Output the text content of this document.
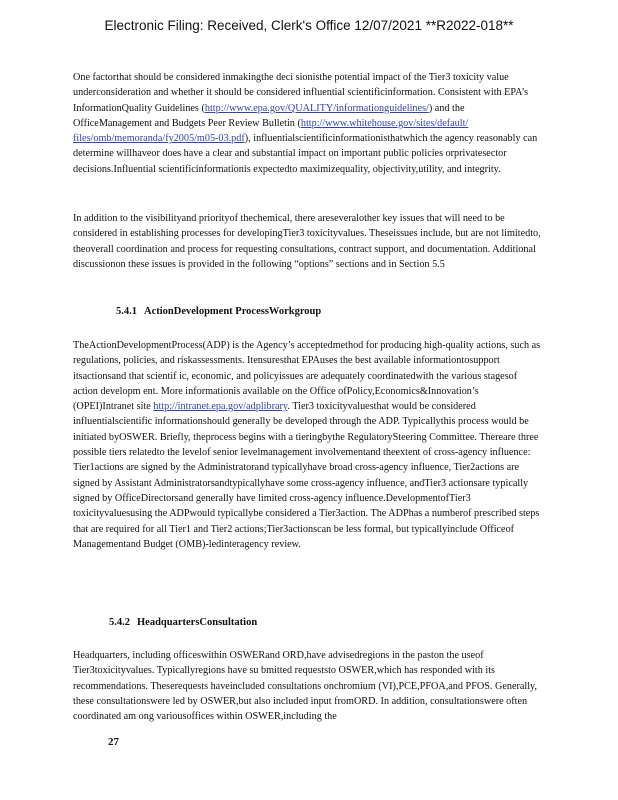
Electronic Filing: Received, Clerk's Office 12/07/2021 **R2022-018**

One factorthat should be considered inmakingthe deci sionisthe potential impact of the Tier3 toxicity value underconsideration and whether it should be considered influential scientificinformation. Consistent with EPA’s InformationQuality Guidelines (http://www.epa.gov/QUALITY/informationguidelines/) and the OfficeManagement and Budgets Peer Review Bulletin (http://www.whitehouse.gov/sites/default/ files/omb/memoranda/fy2005/m05-03.pdf), influentialscientificinformationisthatwhich the agency reasonably can determine willhaveor does have a clear and substantial impact on important public policies orprivatesector decisions.Influential scientificinformationis expectedto maximizequality, objectivity,utility, and integrity.

In addition to the visibilityand priorityof thechemical, there areseveralother key issues that will need to be considered in establishing processes for developingTier3 toxicityvalues. Theseissues include, but are not limitedto, theoverall coordination and process for requesting consultations, contract support, and documentation. Additional discussionon these issues is provided in the following “options” sections and in Section 5.5

5.4.1 ActionDevelopment ProcessWorkgroup

TheActionDevelopmentProcess(ADP) is the Agency’s acceptedmethod for producing high-quality actions, such as regulations, policies, and riskassessments. Itensuresthat EPAuses the best available informationtosupport itsactionsand that scientif ic, economic, and policyissues are adequately coordinatedwith the various stagesof action developm ent. More informationis available on the Office ofPolicy,Economics&Innovation’s (OPEI)Intranet site http://intranet.epa.gov/adplibrary. Tier3 toxicityvaluesthat would be considered influentialscientific informationshould generally be developed through the ADP. Typicallythis process would be initiated byOSWER. Briefly, theprocess begins with a tieringbythe RegulatorySteering Committee. Thereare three possible tiers relatedto the levelof senior levelmanagement involvementand theextent of cross-agency influence: Tier1actions are signed by the Administratorand typicallyhave broad cross-agency influence, Tier2actions are signed by Assistant Administratorsandtypicallyhave some cross-agency influence, andTier3 actionsare typically signed by OfficeDirectorsand generally have limited cross-agency influence.DevelopmentofTier3 toxicityvaluesusing the ADPwould typicallybe considered a Tier3action. The ADPhas a numberof prescribed steps that are required for all Tier1 and Tier2 actions;Tier3actionscan be less formal, but typicallyinclude Officeof Managementand Budget (OMB)-ledinteragency review.

5.4.2 HeadquartersConsultation

Headquarters, including officeswithin OSWERand ORD,have advisedregions in the paston the useof Tier3toxicityvalues. Typicallyregions have su bmitted requeststo OSWER,which has responded with its recommendations. Theserequests haveincluded consultations onchromium (VI),PCE,PFOA,and PFOS. Generally, these consultationswere led by OSWER,but also included input fromORD. In addition, consultationswere often coordinated am ong variousoffices within OSWER,including the

27
